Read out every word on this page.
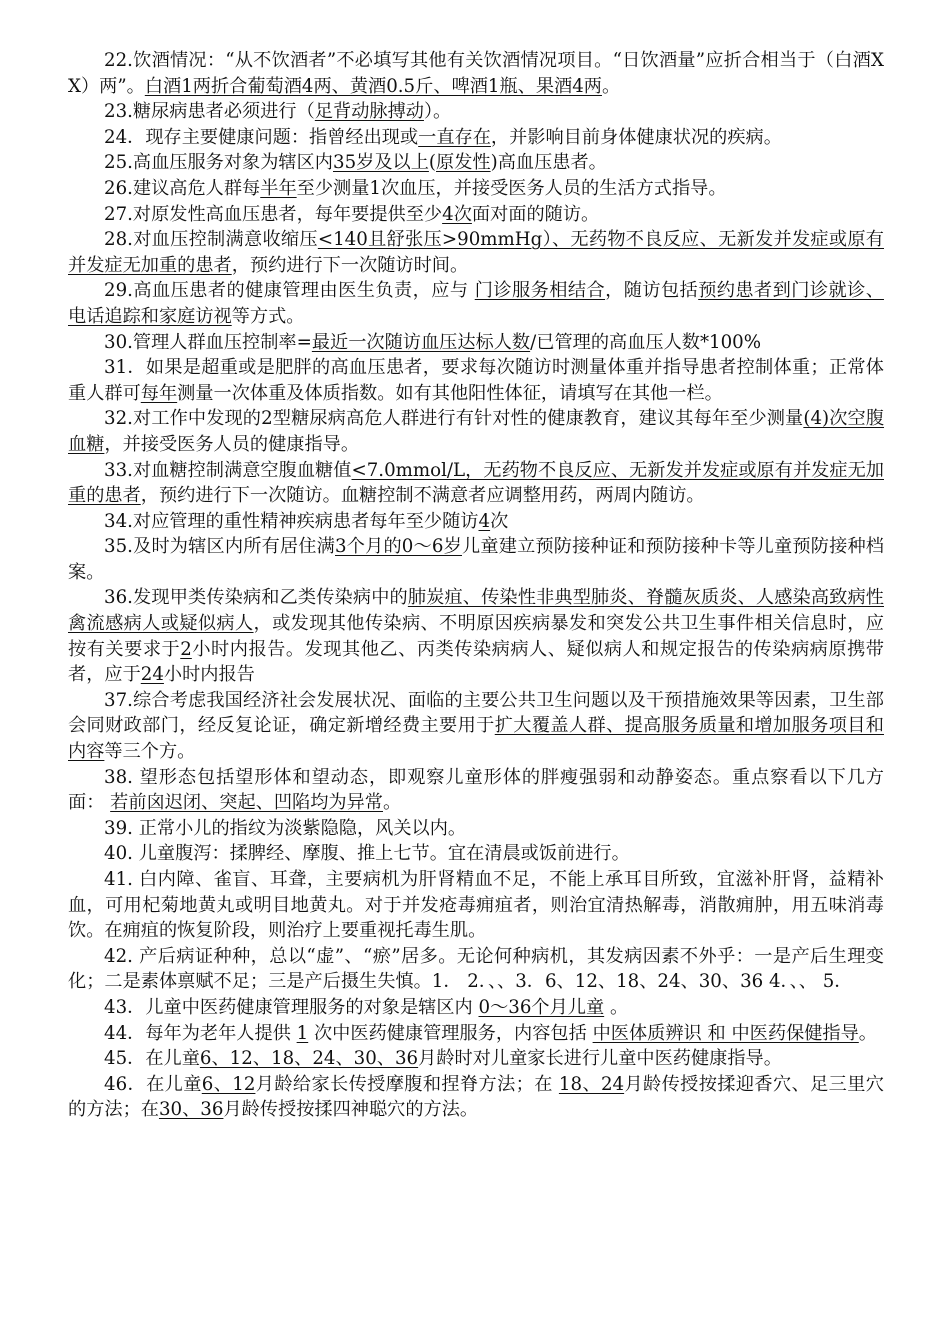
22.饮酒情况：“从不饮酒者”不必填写其他有关饮酒情况项目。“日饮酒量”应折合相当于（白酒XX）两”。白酒1两折合葡萄酒4两、黄酒0.5斤、啤酒1瓶、果酒4两。

23.糖尿病患者必须进行（足背动脉搏动）。

24．现存主要健康问题：指曾经出现或一直存在，并影响目前身体健康状况的疾病。

25.高血压服务对象为辖区内35岁及以上(原发性)高血压患者。

26.建议高危人群每半年至少测量1次血压，并接受医务人员的生活方式指导。

27.对原发性高血压患者，每年要提供至少4次面对面的随访。

28.对血压控制满意收缩压<140且舒张压>90mmHg）、无药物不良反应、无新发并发症或原有并发症无加重的患者，预约进行下一次随访时间。

29.高血压患者的健康管理由医生负责，应与 门诊服务相结合，随访包括预约患者到门诊就诊、电话追踪和家庭访视等方式。

30.管理人群血压控制率=最近一次随访血压达标人数/已管理的高血压人数*100%

31．如果是超重或是肥胖的高血压患者，要求每次随访时测量体重并指导患者控制体重；正常体重人群可每年测量一次体重及体质指数。如有其他阳性体征，请填写在其他一栏。

32.对工作中发现的2型糖尿病高危人群进行有针对性的健康教育，建议其每年至少测量(4)次空腹血糖，并接受医务人员的健康指导。

33.对血糖控制满意空腹血糖值<7.0mmol/L，无药物不良反应、无新发并发症或原有并发症无加重的患者，预约进行下一次随访。血糖控制不满意者应调整用药，两周内随访。

34.对应管理的重性精神疾病患者每年至少随访4次

35.及时为辖区内所有居住满3个月的0～6岁儿童建立预防接种证和预防接种卡等儿童预防接种档案。

36.发现甲类传染病和乙类传染病中的肺炭疽、传染性非典型肺炎、脊髓灰质炎、人感染高致病性禽流感病人或疑似病人，或发现其他传染病、不明原因疾病暴发和突发公共卫生事件相关信息时，应按有关要求于2小时内报告。发现其他乙、丙类传染病病人、疑似病人和规定报告的传染病病原携带者，应于24小时内报告

37.综合考虑我国经济社会发展状况、面临的主要公共卫生问题以及干预措施效果等因素，卫生部会同财政部门，经反复论证，确定新增经费主要用于扩大覆盖人群、提高服务质量和增加服务项目和内容等三个方。

38. 望形态包括望形体和望动态，即观察儿童形体的胖瘦强弱和动静姿态。重点察看以下几方面： 若前囟迟闭、突起、凹陷均为异常。

39. 正常小儿的指纹为淡紫隐隐，风关以内。

40. 儿童腹泻：揉脾经、摩腹、推上七节。宜在清晨或饭前进行。

41. 白内障、雀盲、耳聋，主要病机为肝肾精血不足，不能上承耳目所致，宜滋补肝肾，益精补血，可用杞菊地黄丸或明目地黄丸。对于并发疮毒痈疽者，则治宜清热解毒，消散痈肿，用五味消毒饮。在痈疽的恢复阶段，则治疗上要重视托毒生肌。

42. 产后病证种种，总以“虚”、“瘀”居多。无论何种病机，其发病因素不外乎：一是产后生理变化；二是素体禀赋不足；三是产后摄生失慎。1． 2．、、3．6、12、18、24、30、36 4．、、 5．

43．儿童中医药健康管理服务的对象是辖区内 0～36个月儿童 。

44．每年为老年人提供 1 次中医药健康管理服务，内容包括 中医体质辨识 和 中医药保健指导。

45．在儿童6、12、18、24、30、36月龄时对儿童家长进行儿童中医药健康指导。

46．在儿童6、12月龄给家长传授摩腹和捏脊方法；在 18、24月龄传授按揉迎香穴、足三里穴的方法；在30、36月龄传授按揉四神聪穴的方法。
